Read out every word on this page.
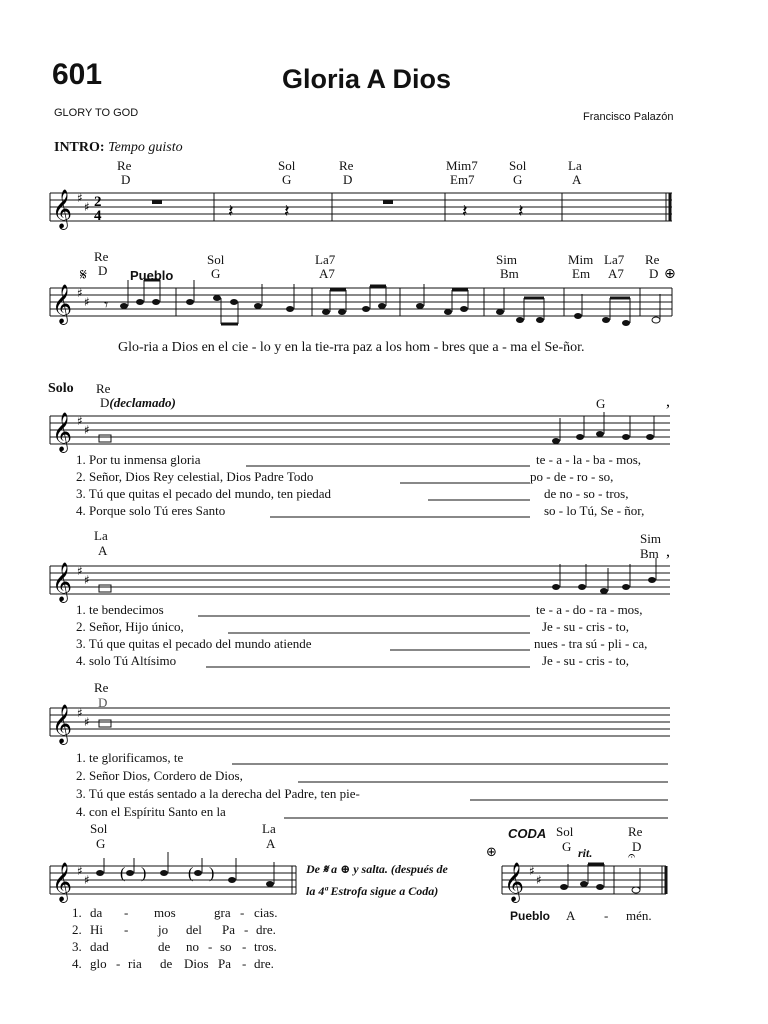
601	Gloria A Dios
GLORY TO GOD	Francisco Palazón
INTRO: Tempo guisto
Re
D
Sol
G
Re
D
Mim7
Em7
Sol
G
La
A
𝄞 ♯
♯ 2
4	𝄽	𝄽	𝄽	𝄽
Re
D Pueblo
Sol
G
La7
A7
Sim
Bm
Mim
Em
La7
A7
Re
D
𝄋	⊕
𝄞 ♯
♯ 𝄾
Glo-ria a Dios en el cie - lo y en la tie-rra paz a los hom - bres que a - ma el Se-ñor.
Solo Re
D(declamado)	G
𝄞 ♯
♯
,
1. Por tu inmensa gloria	te - a - la - ba - mos,
2. Señor, Dios Rey celestial, Dios Padre Todo	po - de - ro - so,
3. Tú que quitas el pecado del mundo, ten piedad	de no - so - tros,
4. Porque solo Tú eres Santo	so - lo Tú, Se - ñor,
La
A
Sim
Bm
𝄞 ♯
♯
,
1. te bendecimos	te - a - do - ra - mos,
2. Señor, Hijo único,	Je - su - cris - to,
3. Tú que quitas el pecado del mundo atiende	nues - tra sú - pli - ca,
4. solo Tú Altísimo	Je - su - cris - to,
Re
D
𝄞 ♯
♯
1. te glorificamos, te
2. Señor Dios, Cordero de Dios,
3. Tú que estás sentado a la derecha del Padre, ten pie-
4. con el Espíritu Santo en la
Sol
G
La
A
𝄞 ♯
♯ ( )	( )
1. da - mos	gra - cias.
2. Hi - jo del Pa - dre.
3. dad	de no - so - tros.
4. glo - ria de Dios Pa - dre.
De 𝄋 a ⊕ y salta. (después de
la 4ª Estrofa sigue a Coda)
CODA Sol
G rit.
Re
D
⊕
𝄞 ♯
♯
𝄐
Pueblo A - mén.
